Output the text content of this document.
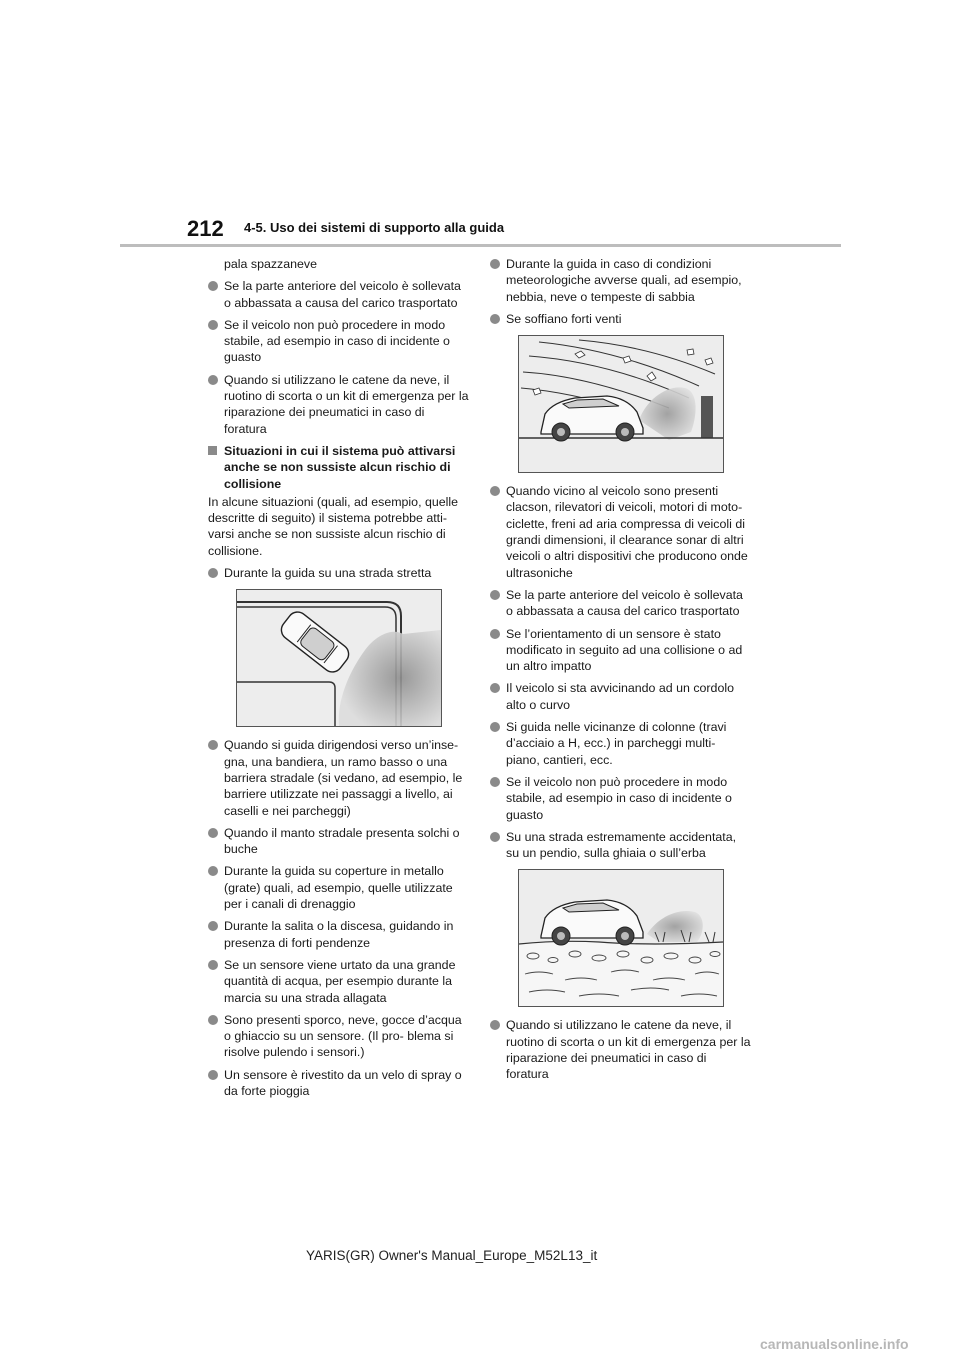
212 4-5. Uso dei sistemi di supporto alla guida

pala spazzaneve

Se la parte anteriore del veicolo è sollevata o abbassata a causa del carico trasportato

Se il veicolo non può procedere in modo stabile, ad esempio in caso di incidente o guasto

Quando si utilizzano le catene da neve, il ruotino di scorta o un kit di emergenza per la riparazione dei pneumatici in caso di foratura

Situazioni in cui il sistema può attivarsi anche se non sussiste alcun rischio di collisione

In alcune situazioni (quali, ad esempio, quelle descritte di seguito) il sistema potrebbe atti- varsi anche se non sussiste alcun rischio di collisione.

Durante la guida su una strada stretta

Quando si guida dirigendosi verso un’inse- gna, una bandiera, un ramo basso o una barriera stradale (si vedano, ad esempio, le barriere utilizzate nei passaggi a livello, ai caselli e nei parcheggi)

Quando il manto stradale presenta solchi o buche

Durante la guida su coperture in metallo (grate) quali, ad esempio, quelle utilizzate per i canali di drenaggio

Durante la salita o la discesa, guidando in presenza di forti pendenze

Se un sensore viene urtato da una grande quantità di acqua, per esempio durante la marcia su una strada allagata

Sono presenti sporco, neve, gocce d’acqua o ghiaccio su un sensore. (Il pro- blema si risolve pulendo i sensori.)

Un sensore è rivestito da un velo di spray o da forte pioggia

Durante la guida in caso di condizioni meteorologiche avverse quali, ad esempio, nebbia, neve o tempeste di sabbia

Se soffiano forti venti

Quando vicino al veicolo sono presenti clacson, rilevatori di veicoli, motori di moto- ciclette, freni ad aria compressa di veicoli di grandi dimensioni, il clearance sonar di altri veicoli o altri dispositivi che producono onde ultrasoniche

Se la parte anteriore del veicolo è sollevata o abbassata a causa del carico trasportato

Se l’orientamento di un sensore è stato modificato in seguito ad una collisione o ad un altro impatto

Il veicolo si sta avvicinando ad un cordolo alto o curvo

Si guida nelle vicinanze di colonne (travi d’acciaio a H, ecc.) in parcheggi multi- piano, cantieri, ecc.

Se il veicolo non può procedere in modo stabile, ad esempio in caso di incidente o guasto

Su una strada estremamente accidentata, su un pendio, sulla ghiaia o sull’erba

Quando si utilizzano le catene da neve, il ruotino di scorta o un kit di emergenza per la riparazione dei pneumatici in caso di foratura

YARIS(GR) Owner's Manual_Europe_M52L13_it
carmanualsonline.info
